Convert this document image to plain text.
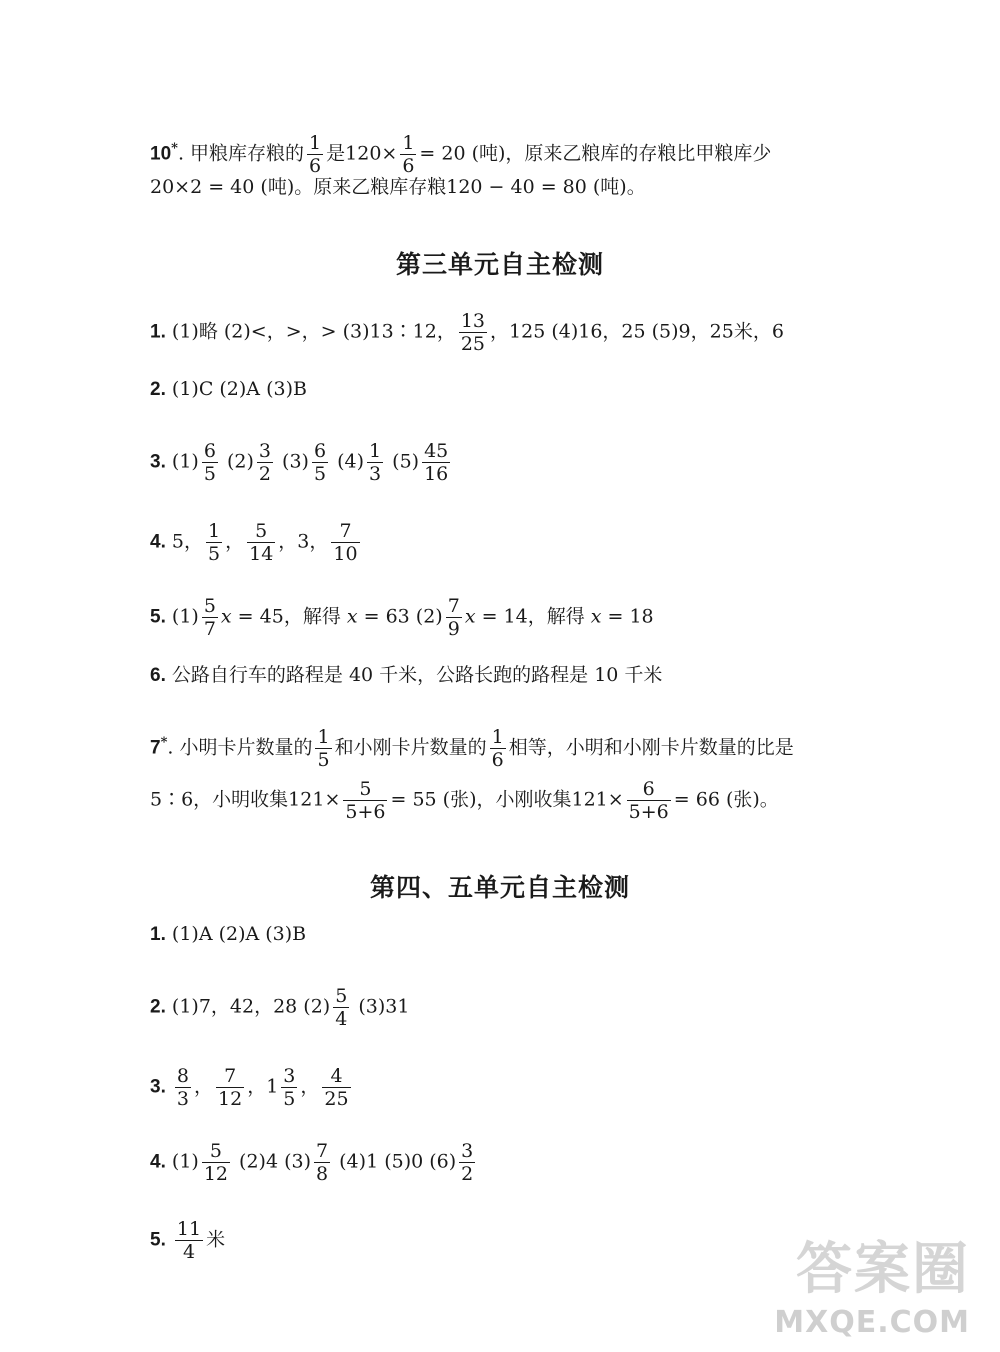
10*. 甲粮库存粮的 $\frac{1}{6}$ 是$120\times \frac{1}{6} = 20$ (吨)，原来乙粮库的存粮比甲粮库少
20×2 = 40 (吨)。原来乙粮库存粮120 − 40 = 80 (吨)。
第三单元自主检测
1. (1)略 (2)<，>，> (3)13∶12， $\frac{13}{25}$ ，125 (4)16，25 (5)9，25米，6
2. (1)C (2)A (3)B
3. $(1) \frac{6}{5} (2) \frac{3}{2} (3) \frac{6}{5} (4) \frac{1}{3} (5) \frac{45}{16}$
4. 5， $\frac{1}{5}$ ， $\frac{5}{14}$ ，3， $\frac{7}{10}$
5. $(1) \frac{5}{7}$ x = 45，解得 x = 63 $(2) \frac{7}{9}$ x = 14，解得 x = 18
6. 公路自行车的路程是 40 千米，公路长跑的路程是 10 千米
7*. 小明卡片数量的 $\frac{1}{5}$ 和小刚卡片数量的 $\frac{1}{6}$ 相等，小明和小刚卡片数量的比是
5∶6，小明收集$121\times \frac{5}{5+6} = 55$ (张)，小刚收集$121\times \frac{6}{5+6} = 66$ (张)。
第四、五单元自主检测
1. (1)A (2)A (3)B
2. (1)7，42，28 $(2) \frac{5}{4} (3)31$
3. $\frac{8}{3}$ ， $\frac{7}{12}$ ，$1 \frac{3}{5}$ ， $\frac{4}{25}$
4. $(1) \frac{5}{12} (2)4$ $(3) \frac{7}{8} (4)1$ (5)0 $(6) \frac{3}{2}$
5. $\frac{11}{4}$ 米	答案圈
MXQE.COM
